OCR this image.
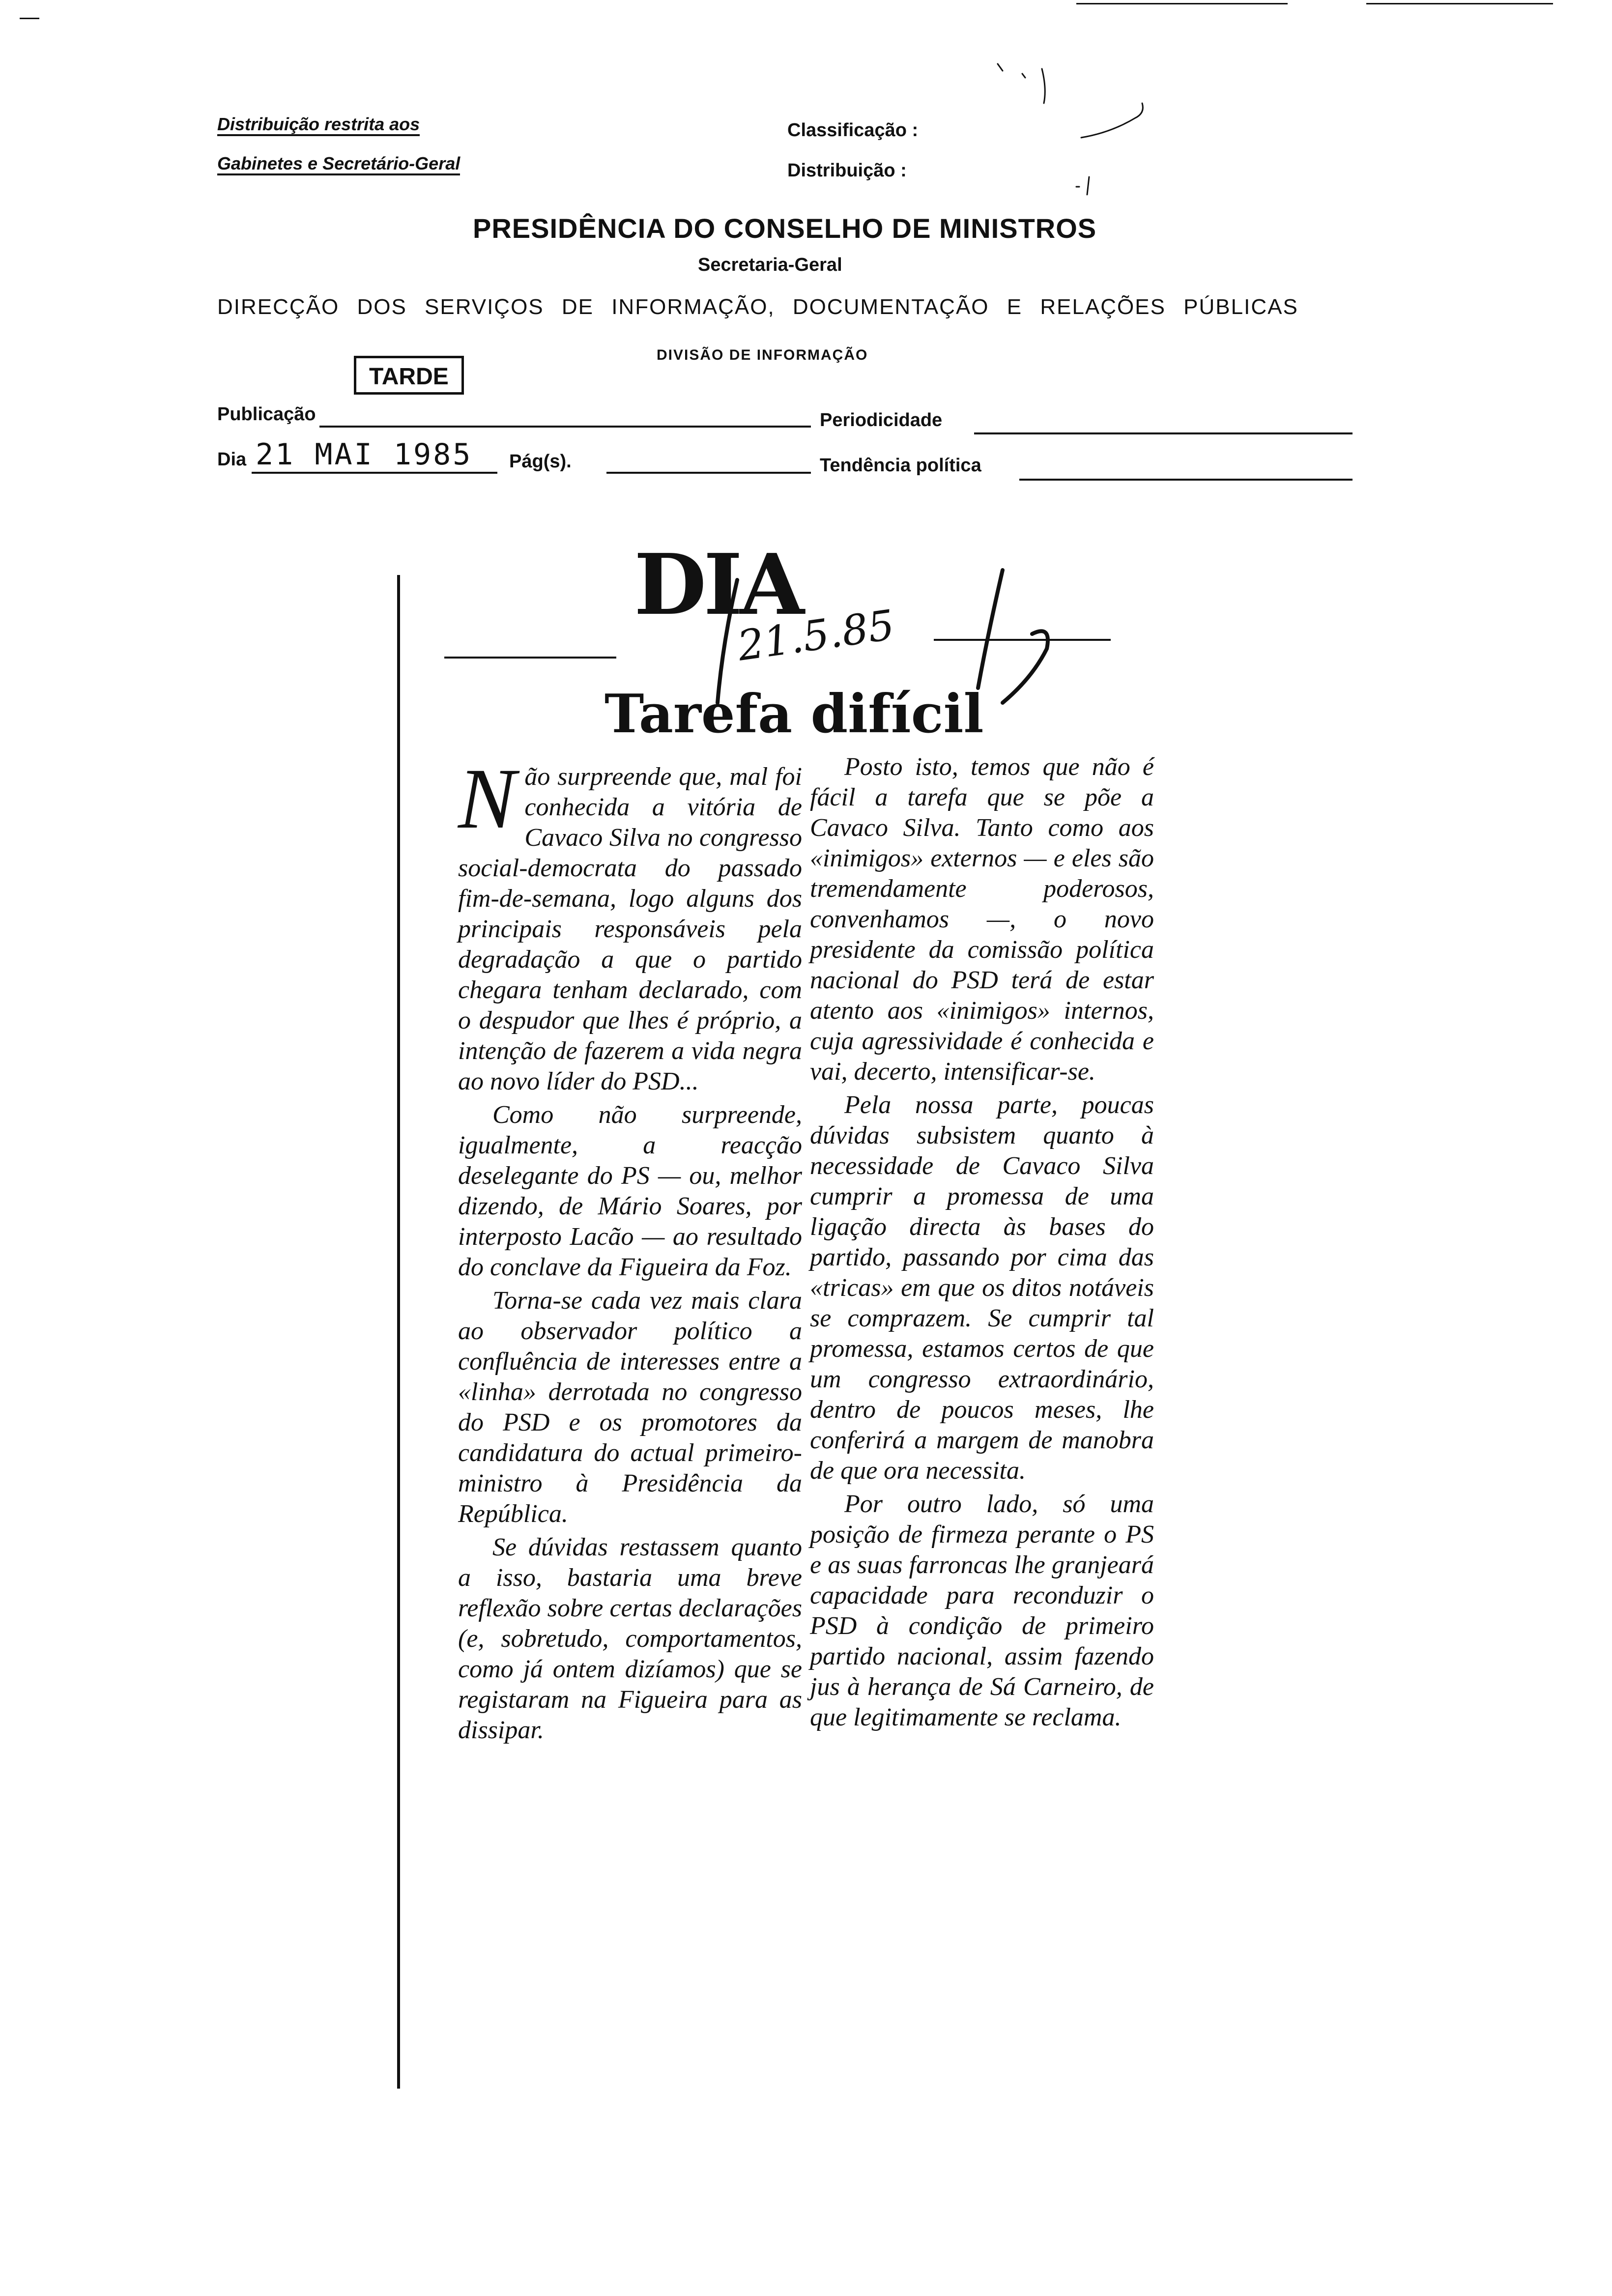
Distribuição restrita aos
Gabinetes e Secretário-Geral
Classificação :
Distribuição :
PRESIDÊNCIA DO CONSELHO DE MINISTROS
Secretaria-Geral
DIRECÇÃO DOS SERVIÇOS DE INFORMAÇÃO, DOCUMENTAÇÃO E RELAÇÕES PÚBLICAS
DIVISÃO DE INFORMAÇÃO
TARDE
Publicação	Periodicidade
Dia 21 MAI 1985 Pág(s).	Tendência política
DIA
21.5.85
Tarefa difícil
N ão surpreende que, mal foi conhecida a vitória de Cavaco Silva no congresso social-democrata do passado fim-de-semana, logo alguns dos principais responsáveis pela degradação a que o partido chegara tenham declarado, com o despudor que lhes é próprio, a intenção de fazerem a vida negra ao novo líder do PSD...

Como não surpreende, igualmente, a reacção deselegante do PS — ou, melhor dizendo, de Mário Soares, por interposto Lacão — ao resultado do conclave da Figueira da Foz.

Torna-se cada vez mais clara ao observador político a confluência de interesses entre a «linha» derrotada no congresso do PSD e os promotores da candidatura do actual primeiro-ministro à Presidência da República.

Se dúvidas restassem quanto a isso, bastaria uma breve reflexão sobre certas declarações (e, sobretudo, comportamentos, como já ontem dizíamos) que se registaram na Figueira para as dissipar.

Posto isto, temos que não é fácil a tarefa que se põe a Cavaco Silva. Tanto como aos «inimigos» externos — e eles são tremendamente poderosos, convenhamos —, o novo presidente da comissão política nacional do PSD terá de estar atento aos «inimigos» internos, cuja agressividade é conhecida e vai, decerto, intensificar-se.

Pela nossa parte, poucas dúvidas subsistem quanto à necessidade de Cavaco Silva cumprir a promessa de uma ligação directa às bases do partido, passando por cima das «tricas» em que os ditos notáveis se comprazem. Se cumprir tal promessa, estamos certos de que um congresso extraordinário, dentro de poucos meses, lhe conferirá a margem de manobra de que ora necessita.

Por outro lado, só uma posição de firmeza perante o PS e as suas farroncas lhe granjeará capacidade para reconduzir o PSD à condição de primeiro partido nacional, assim fazendo jus à herança de Sá Carneiro, de que legitimamente se reclama.
